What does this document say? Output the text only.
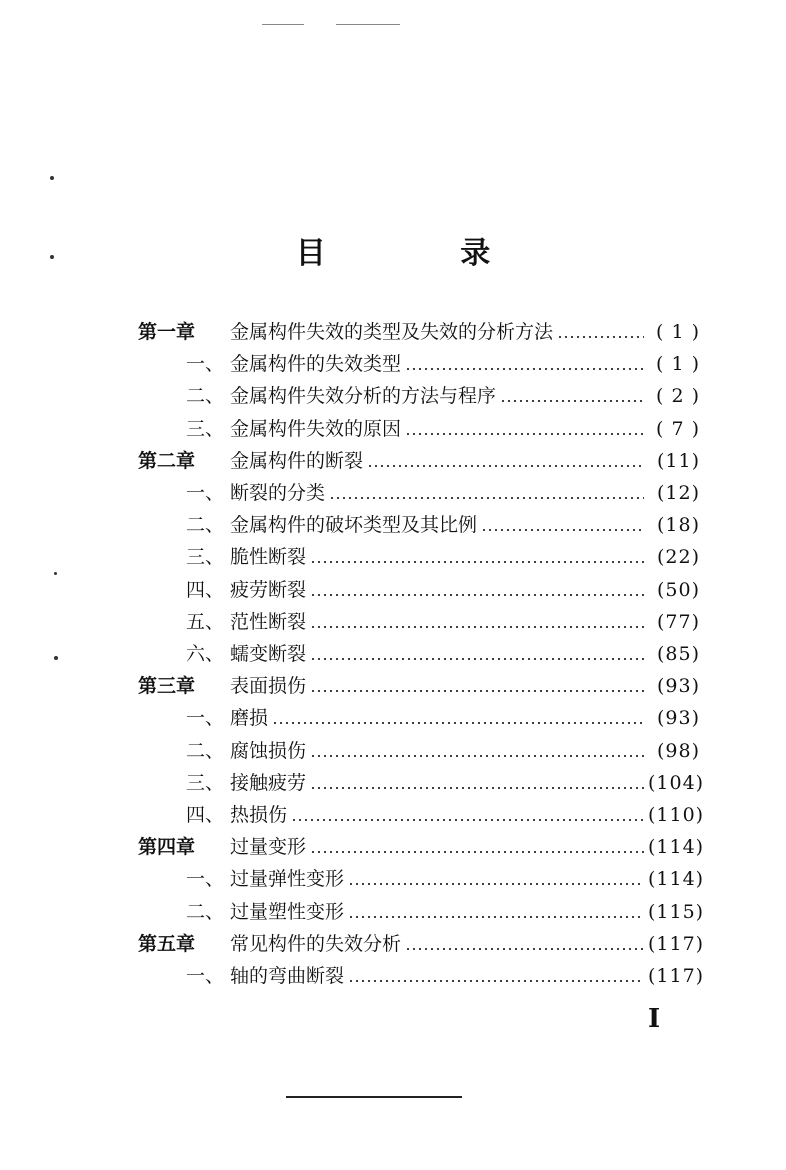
目 录
第一章	金属构件失效的类型及失效的分析方法	( 1 )
一、 金属构件的失效类型	( 1 )
二、 金属构件失效分析的方法与程序	( 2 )
三、 金属构件失效的原因	( 7 )
第二章	金属构件的断裂	(11)
一、 断裂的分类	(12)
二、 金属构件的破坏类型及其比例	(18)
三、 脆性断裂	(22)
四、 疲劳断裂	(50)
五、 范性断裂	(77)
六、 蠕变断裂	(85)
第三章	表面损伤	(93)
一、 磨损	(93)
二、 腐蚀损伤	(98)
三、 接触疲劳	(104)
四、 热损伤	(110)
第四章	过量变形	(114)
一、 过量弹性变形	(114)
二、 过量塑性变形	(115)
第五章	常见构件的失效分析	(117)
一、 轴的弯曲断裂	(117)
I
